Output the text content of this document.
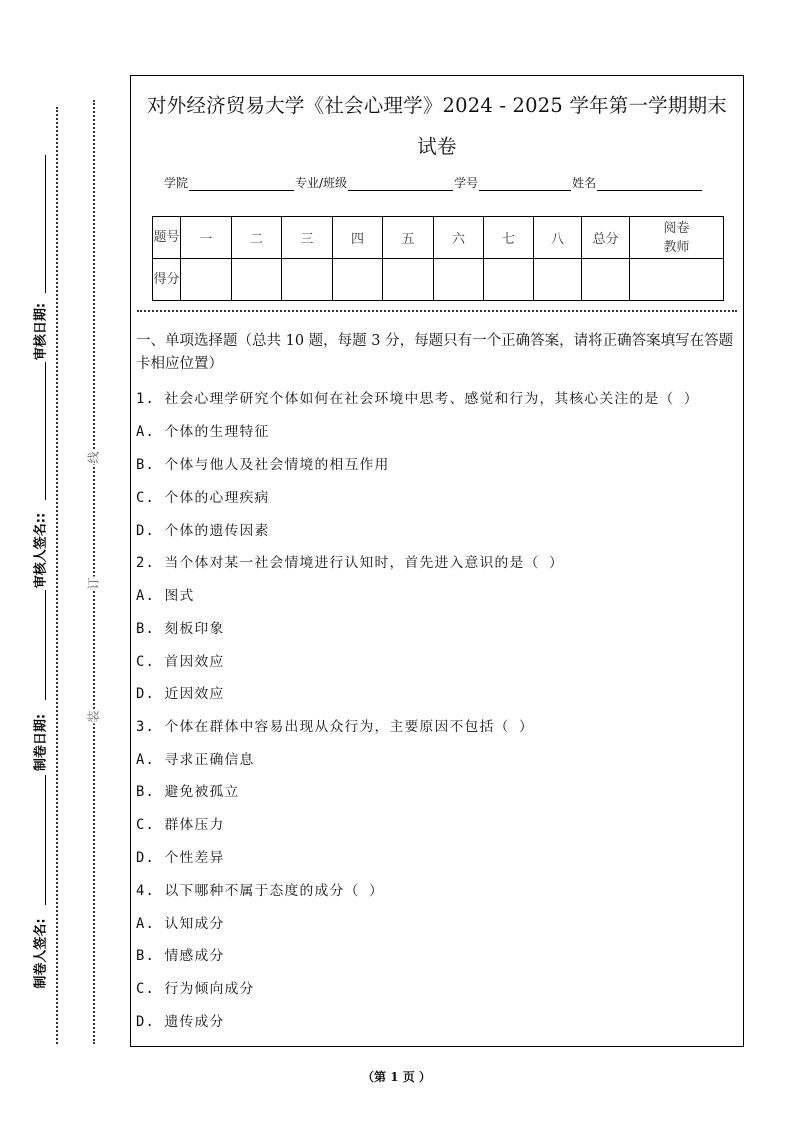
审核日期:
审核人签名::
制卷日期:
制卷人签名:
线
订
装
对外经济贸易大学《社会心理学》2024 - 2025 学年第一学期期末
试卷
学院	专业/班级	学号	姓名
题号	一	二	三	四	五	六	七	八	总分	阅卷教师
得分										
一、单项选择题（总共 10 题，每题 3 分，每题只有一个正确答案，请将正确答案填写在答题卡相应位置）
1. 社会心理学研究个体如何在社会环境中思考、感觉和行为，其核心关注的是（ ）
A. 个体的生理特征
B. 个体与他人及社会情境的相互作用
C. 个体的心理疾病
D. 个体的遗传因素
2. 当个体对某一社会情境进行认知时，首先进入意识的是（ ）
A. 图式
B. 刻板印象
C. 首因效应
D. 近因效应
3. 个体在群体中容易出现从众行为，主要原因不包括（ ）
A. 寻求正确信息
B. 避免被孤立
C. 群体压力
D. 个性差异
4. 以下哪种不属于态度的成分（ ）
A. 认知成分
B. 情感成分
C. 行为倾向成分
D. 遗传成分
（第 1 页 ）
